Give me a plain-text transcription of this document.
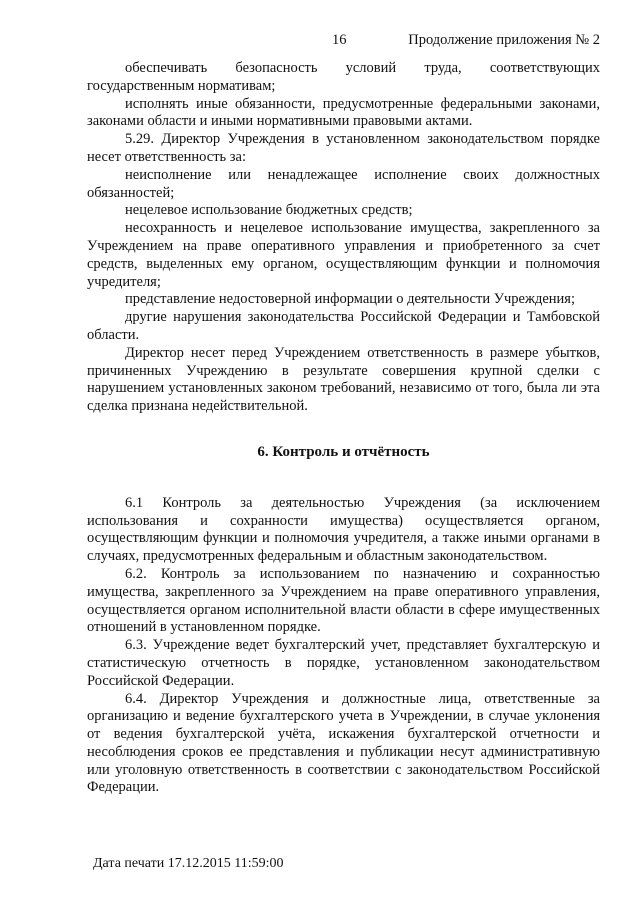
16	Продолжение приложения № 2

обеспечивать безопасность условий труда, соответствующих государственным нормативам;

исполнять иные обязанности, предусмотренные федеральными законами, законами области и иными нормативными правовыми актами.

5.29. Директор Учреждения в установленном законодательством порядке несет ответственность за:

неисполнение или ненадлежащее исполнение своих должностных обязанностей;

нецелевое использование бюджетных средств;

несохранность и нецелевое использование имущества, закрепленного за Учреждением на праве оперативного управления и приобретенного за счет средств, выделенных ему органом, осуществляющим функции и полномочия учредителя;

представление недостоверной информации о деятельности Учреждения;

другие нарушения законодательства Российской Федерации и Тамбовской области.

Директор несет перед Учреждением ответственность в размере убытков, причиненных Учреждению в результате совершения крупной сделки с нарушением установленных законом требований, независимо от того, была ли эта сделка признана недействительной.

6. Контроль и отчётность

6.1 Контроль за деятельностью Учреждения (за исключением использования и сохранности имущества) осуществляется органом, осуществляющим функции и полномочия учредителя, а также иными органами в случаях, предусмотренных федеральным и областным законодательством.

6.2. Контроль за использованием по назначению и сохранностью имущества, закрепленного за Учреждением на праве оперативного управления, осуществляется органом исполнительной власти области в сфере имущественных отношений в установленном порядке.

6.3. Учреждение ведет бухгалтерский учет, представляет бухгалтерскую и статистическую отчетность в порядке, установленном законодательством Российской Федерации.

6.4. Директор Учреждения и должностные лица, ответственные за организацию и ведение бухгалтерского учета в Учреждении, в случае уклонения от ведения бухгалтерской учёта, искажения бухгалтерской отчетности и несоблюдения сроков ее представления и публикации несут административную или уголовную ответственность в соответствии с законодательством Российской Федерации.

Дата печати 17.12.2015 11:59:00
